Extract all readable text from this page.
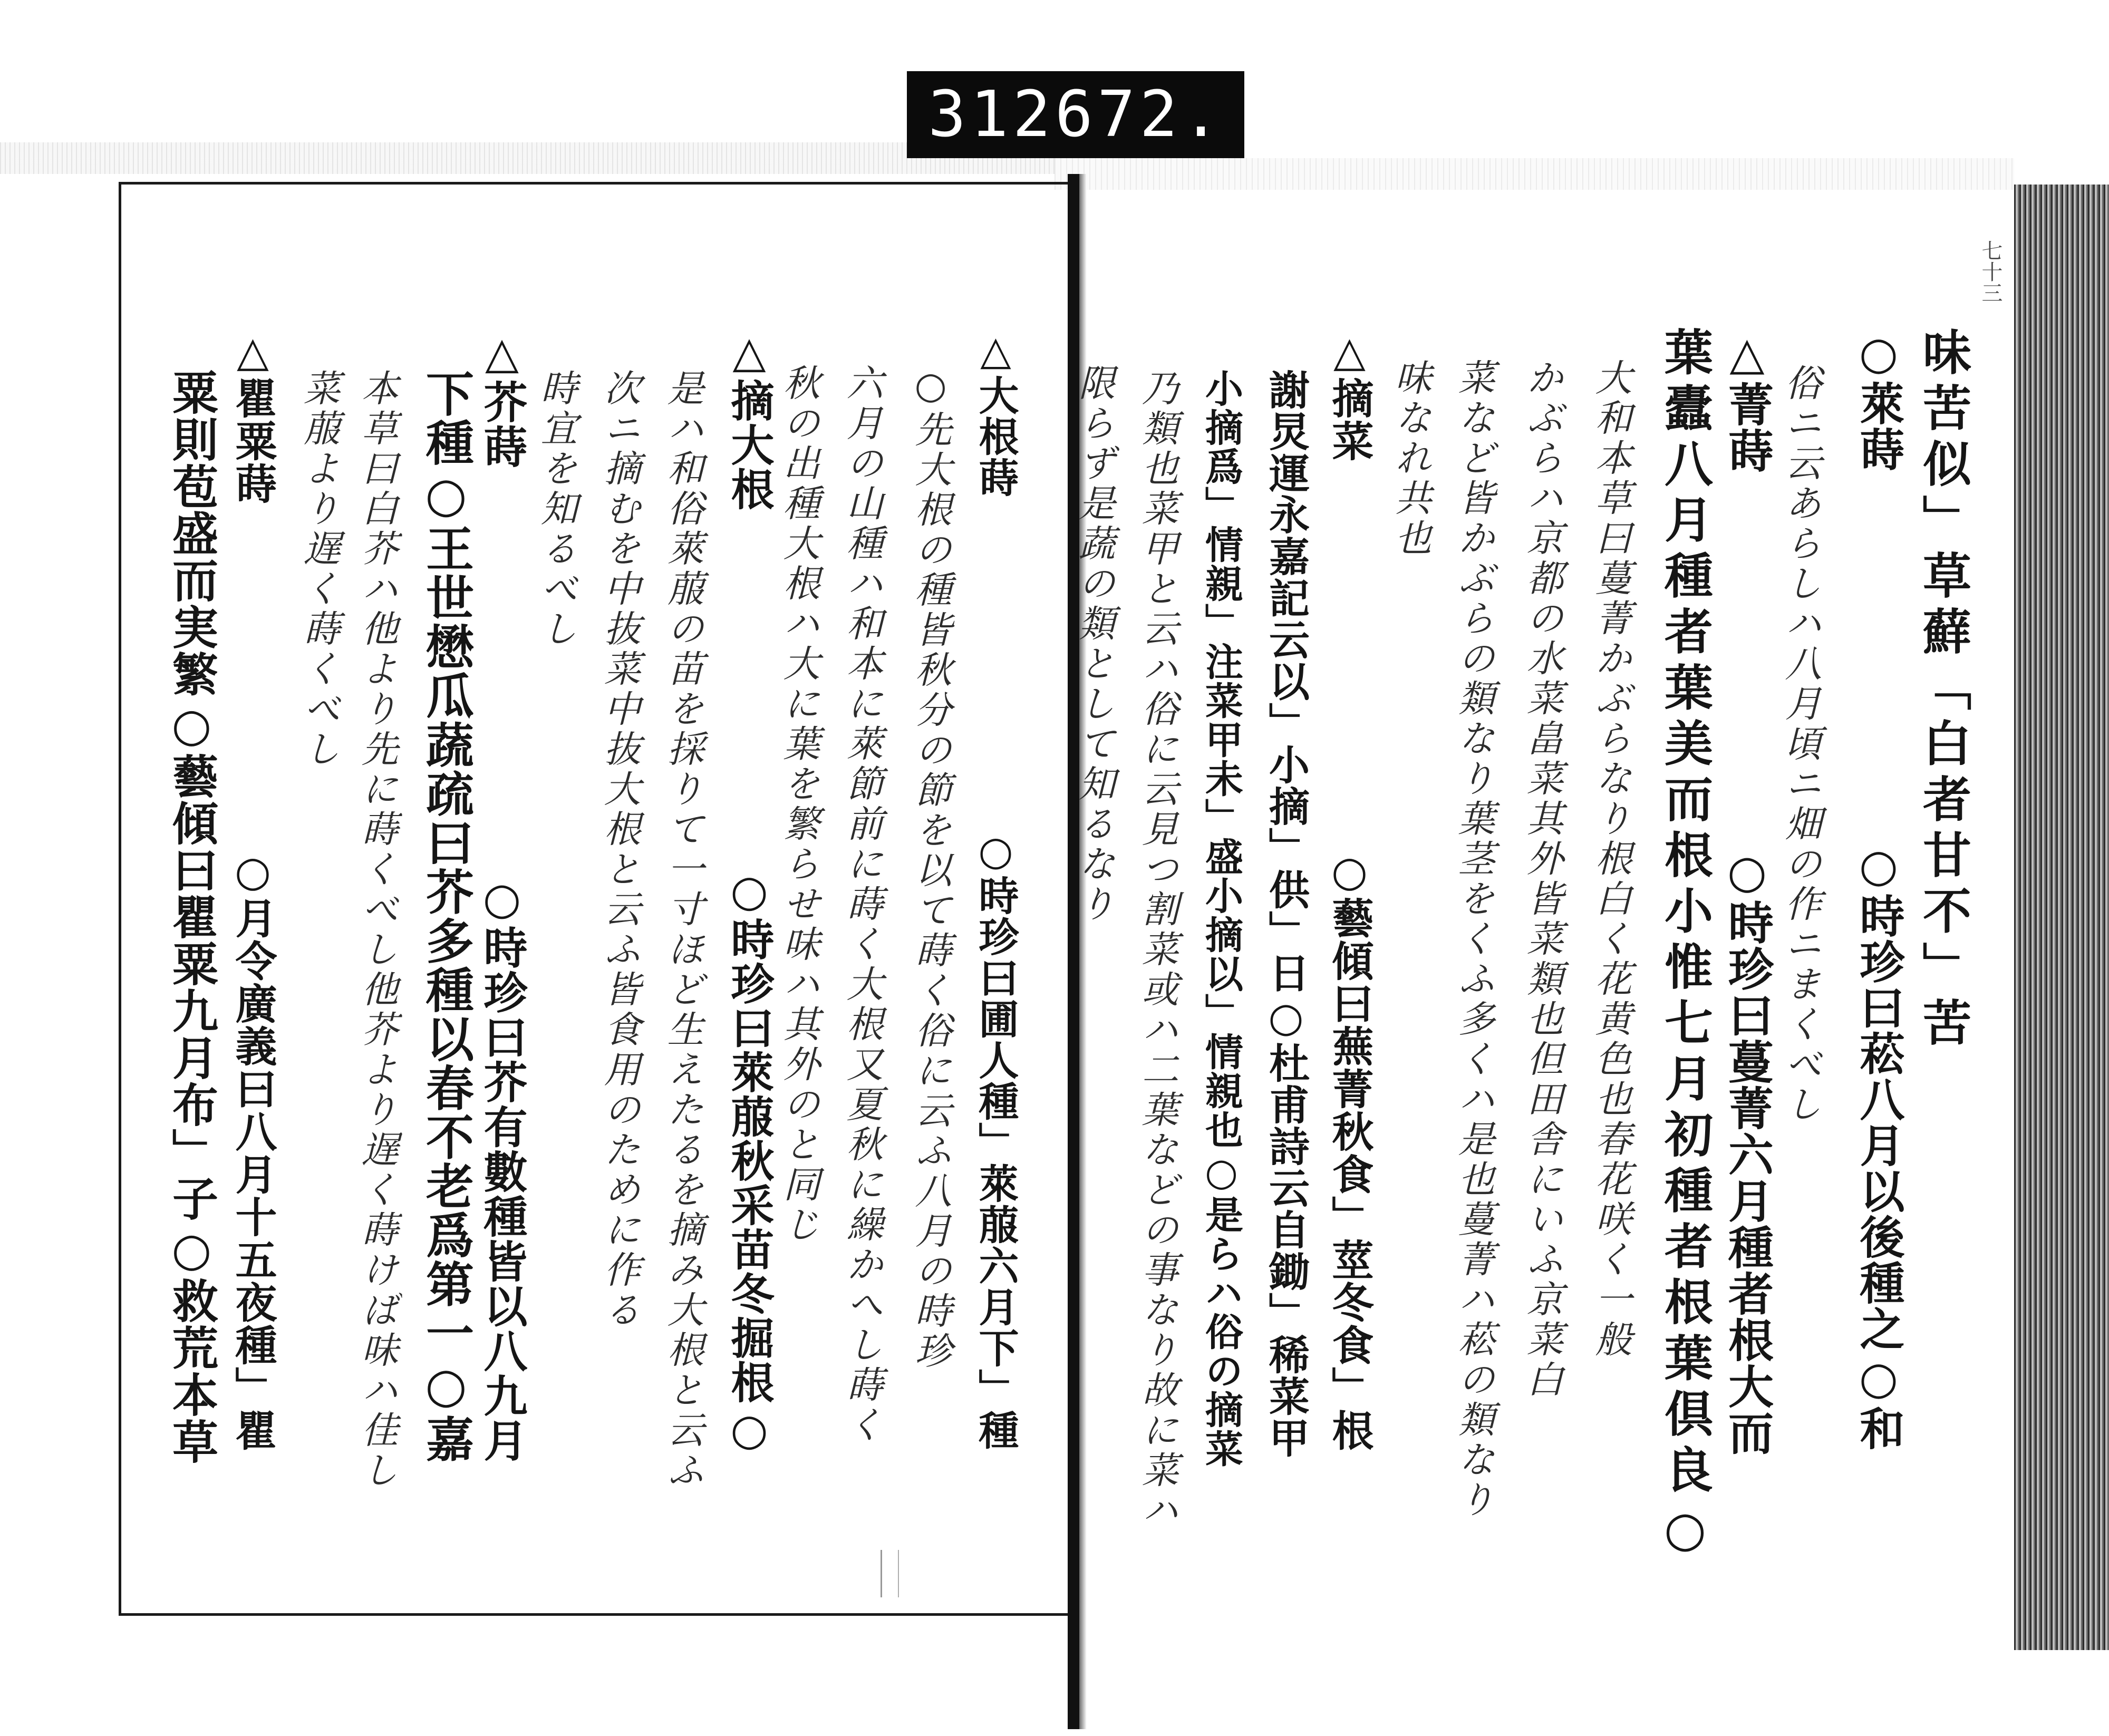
312 672.
七十三
味苦似﹂草蘚﹁白者甘不﹂苦
○萊蒔　　　　　　　　○時珍曰菘八月以後種之○和
俗ニ云あらしハ八月頃ニ畑の作ニまくべし
△菁蒔　　　　　　　　○時珍曰蔓菁六月種者根大而
葉蠹八月種者葉美而根小惟七月初種者根葉倶良○
大和本草曰蔓菁かぶらなり根白く花黄色也春花咲く一般
かぶらハ京都の水菜畠菜其外皆菜類也但田舎にいふ京菜白
菜など皆かぶらの類なり葉茎をくふ多くハ是也蔓菁ハ菘の類なり
味なれ共也
△摘菜　　　　　　　　　○藝傾曰蕪菁秋食﹂莖冬食﹂根
謝炅運永嘉記云以﹂小摘﹂供﹂日○杜甫詩云自鋤﹂稀菜甲
小摘爲﹂情親﹂注菜甲未﹂盛小摘以﹂情親也○是らハ俗の摘菜
乃類也菜甲と云ハ俗に云見つ割菜或ハ二葉などの事なり故に菜ハ
限らず是蔬の類として知るなり
△大根蒔　　　　　　　　○時珍曰圃人種﹂萊菔六月下﹂種
○先大根の種皆秋分の節を以て蒔く俗に云ふ八月の時珍
六月の山種ハ和本に萊節前に蒔く大根又夏秋に繰かへし蒔く
秋の出種大根ハ大に葉を繁らせ味ハ其外のと同じ
△摘大根　　　　　　　　○時珍曰萊菔秋采苗冬掘根○
是ハ和俗萊菔の苗を採りて一寸ほど生えたるを摘み大根と云ふ
次ニ摘むを中抜菜中抜大根と云ふ皆食用のために作る
△芥蒔　　　　　　　　　○時珍曰芥有數種皆以八九月
下種○王世懋瓜蔬疏曰芥多種以春不老爲第一○嘉 時宜を知るべし
本草曰白芥ハ他より先に蒔くべし他芥より遅く蒔けば味ハ佳し
菜菔より遅く蒔くべし
△瞿粟蒔　　　　　　　　○月令廣義曰八月十五夜種﹂瞿
粟則苞盛而実繁○藝傾曰瞿粟九月布﹂子○救荒本草
